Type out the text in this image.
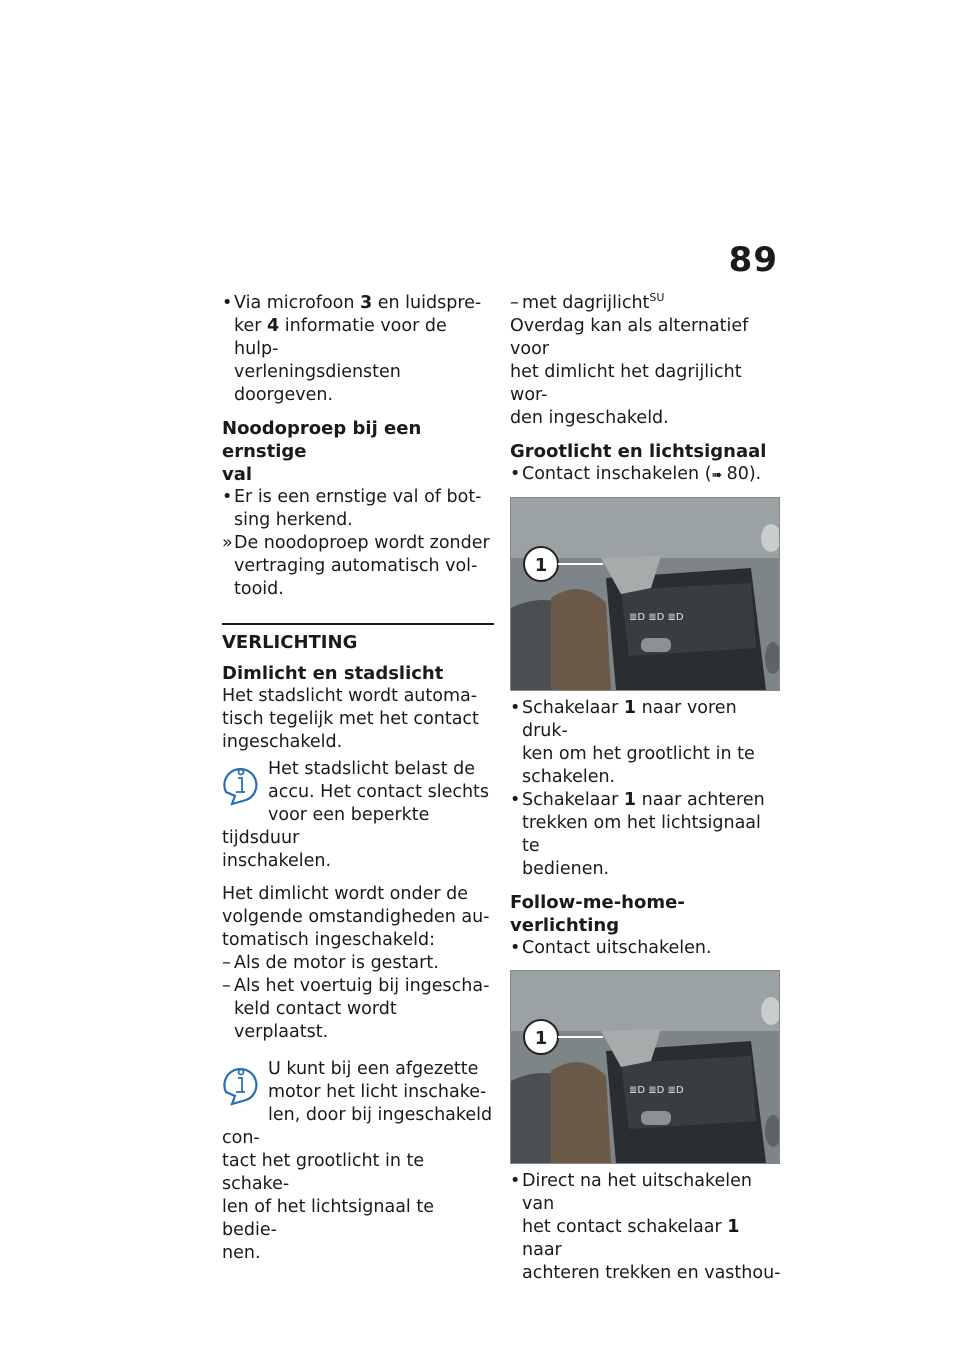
89
• Via microfoon 3 en luidspre-
ker 4 informatie voor de hulp-
verleningsdiensten doorgeven.
Noodoproep bij een ernstige
val
• Er is een ernstige val of bot-
sing herkend.
» De noodoproep wordt zonder
vertraging automatisch vol-
tooid.
VERLICHTING
Dimlicht en stadslicht
Het stadslicht wordt automa-
tisch tegelijk met het contact
ingeschakeld.
Het stadslicht belast de
accu. Het contact slechts
voor een beperkte tijdsduur
inschakelen.
Het dimlicht wordt onder de
volgende omstandigheden au-
tomatisch ingeschakeld:
– Als de motor is gestart.
– Als het voertuig bij ingescha-
keld contact wordt verplaatst.
U kunt bij een afgezette
motor het licht inschake-
len, door bij ingeschakeld con-
tact het grootlicht in te schake-
len of het lichtsignaal te bedie-
nen.
– met dagrijlicht$^{SU}$
Overdag kan als alternatief voor
het dimlicht het dagrijlicht wor-
den ingeschakeld.
Grootlicht en lichtsignaal
• Contact inschakelen (➠ 80).
≣D ≣D ≣D
1
• Schakelaar 1 naar voren druk-
ken om het grootlicht in te
schakelen.
• Schakelaar 1 naar achteren
trekken om het lichtsignaal te
bedienen.
Follow-me-home-verlichting
• Contact uitschakelen.
≣D ≣D ≣D
1
• Direct na het uitschakelen van
het contact schakelaar 1 naar
achteren trekken en vasthou-
